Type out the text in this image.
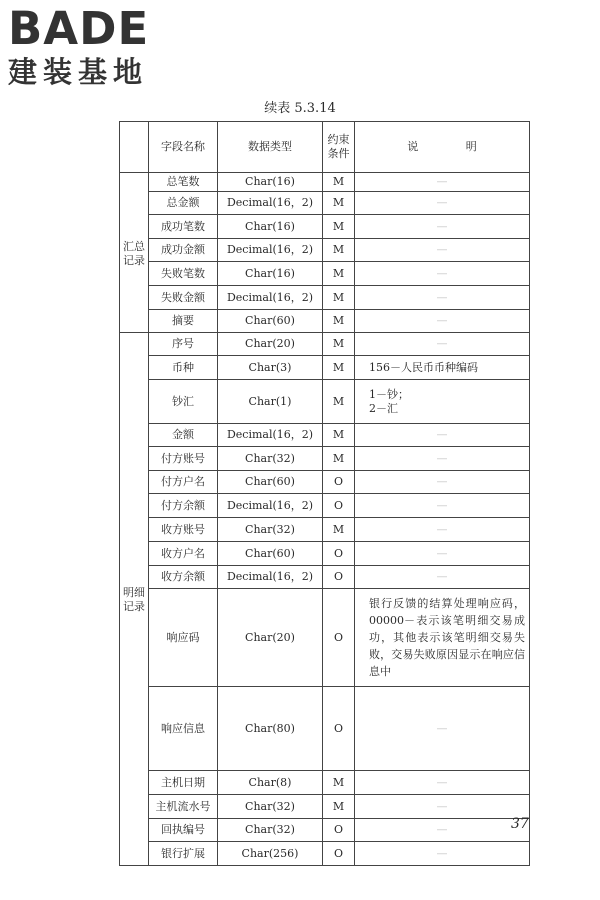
BADE
建装基地
续表 5.3.14
	字段名称	数据类型	约束条件	说 明
汇总记录	总笔数	Char(16)	M	—
	总金额	Decimal(16，2)	M	—
	成功笔数	Char(16)	M	—
	成功金额	Decimal(16，2)	M	—
	失败笔数	Char(16)	M	—
	失败金额	Decimal(16，2)	M	—
	摘要	Char(60)	M	—
明细记录	序号	Char(20)	M	—
	币种	Char(3)	M	156－人民币币种编码
	钞汇	Char(1)	M	1－钞；
2－汇
	金额	Decimal(16，2)	M	—
	付方账号	Char(32)	M	—
	付方户名	Char(60)	O	—
	付方余额	Decimal(16，2)	O	—
	收方账号	Char(32)	M	—
	收方户名	Char(60)	O	—
	收方余额	Decimal(16，2)	O	—
	响应码	Char(20)	O	银行反馈的结算处理响应码，00000－表示该笔明细交易成功，其他表示该笔明细交易失败，交易失败原因显示在响应信息中
	响应信息	Char(80)	O	—
	主机日期	Char(8)	M	—
	主机流水号	Char(32)	M	—
	回执编号	Char(32)	O	—
	银行扩展	Char(256)	O	—
37
